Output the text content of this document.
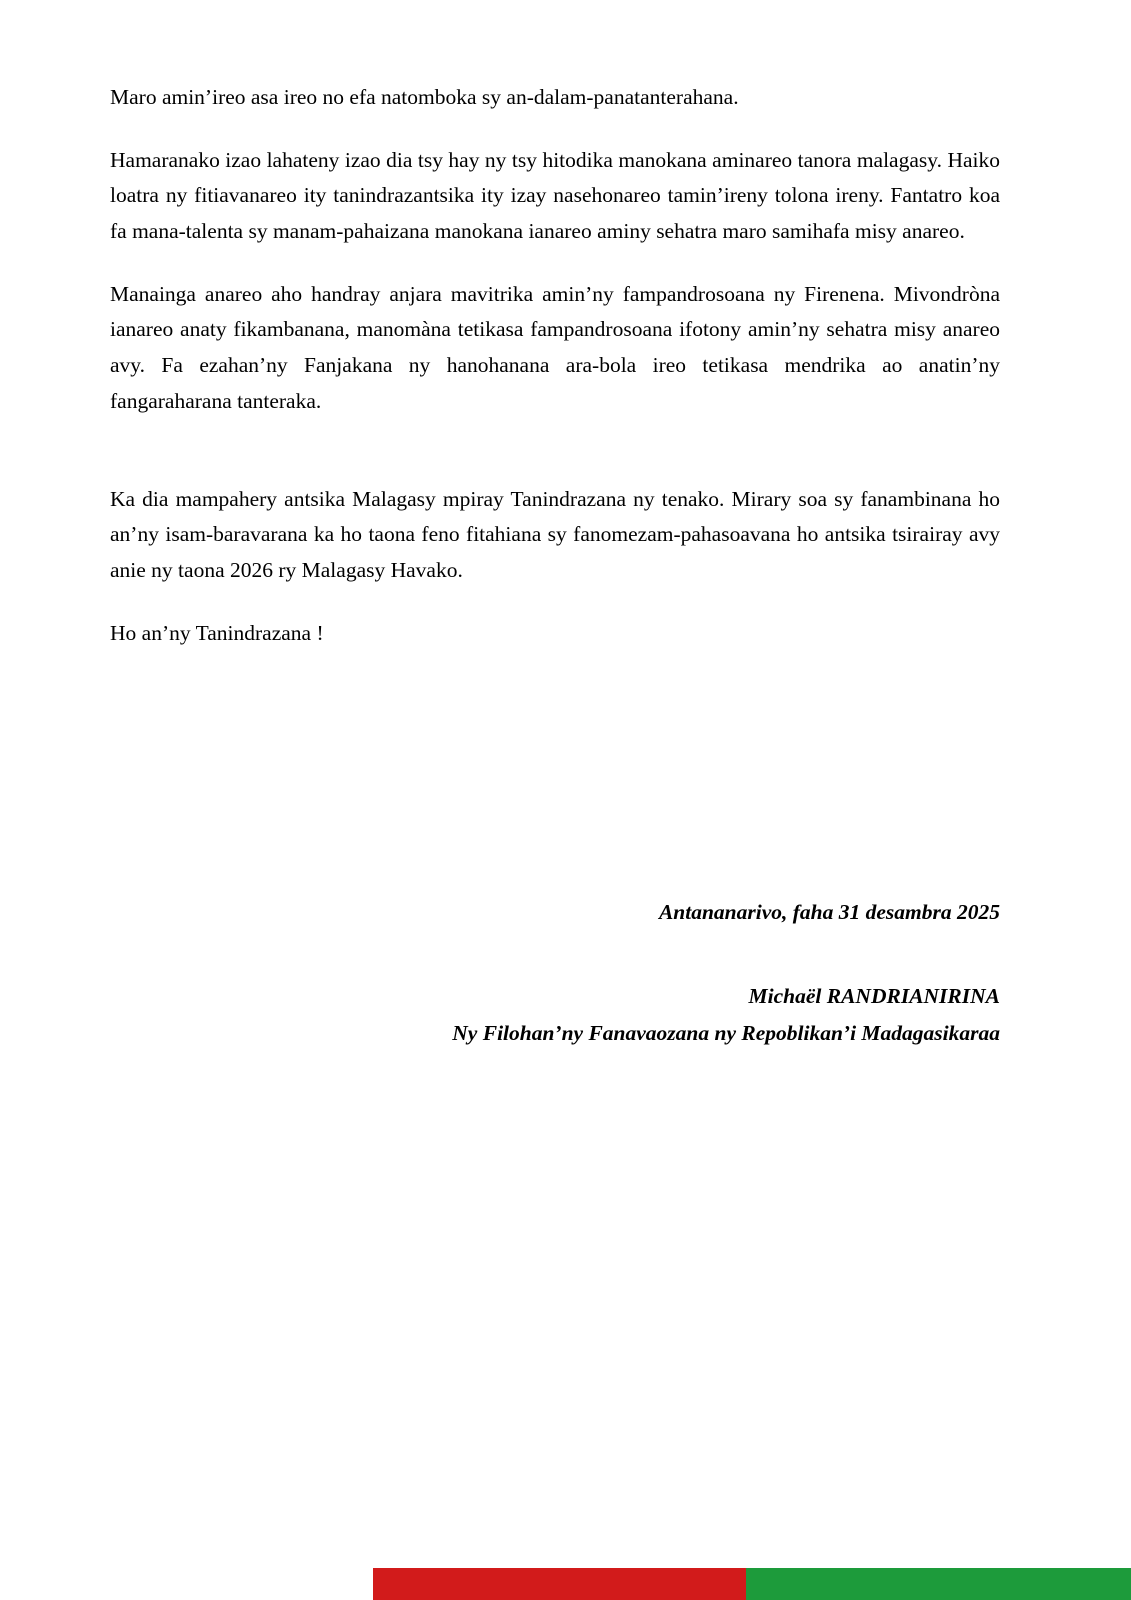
Maro amin’ireo asa ireo no efa natomboka sy an-dalam-panatanterahana.

Hamaranako izao lahateny izao dia tsy hay ny tsy hitodika manokana aminareo tanora malagasy. Haiko loatra ny fitiavanareo ity tanindrazantsika ity izay nasehonareo tamin’ireny tolona ireny. Fantatro koa fa mana-talenta sy manam-pahaizana manokana ianareo aminy sehatra maro samihafa misy anareo.

Manainga anareo aho handray anjara mavitrika amin’ny fampandrosoana ny Firenena. Mivondròna ianareo anaty fikambanana, manomàna tetikasa fampandrosoana ifotony amin’ny sehatra misy anareo avy. Fa ezahan’ny Fanjakana ny hanohanana ara-bola ireo tetikasa mendrika ao anatin’ny fangaraharana tanteraka.

Ka dia mampahery antsika Malagasy mpiray Tanindrazana ny tenako. Mirary soa sy fanambinana ho an’ny isam-baravarana ka ho taona feno fitahiana sy fanomezam-pahasoavana ho antsika tsirairay avy anie ny taona 2026 ry Malagasy Havako.

Ho an’ny Tanindrazana !

Antananarivo, faha 31 desambra 2025
Michaël RANDRIANIRINA
Ny Filohan’ny Fanavaozana ny Repoblikan’i Madagasikaraa
